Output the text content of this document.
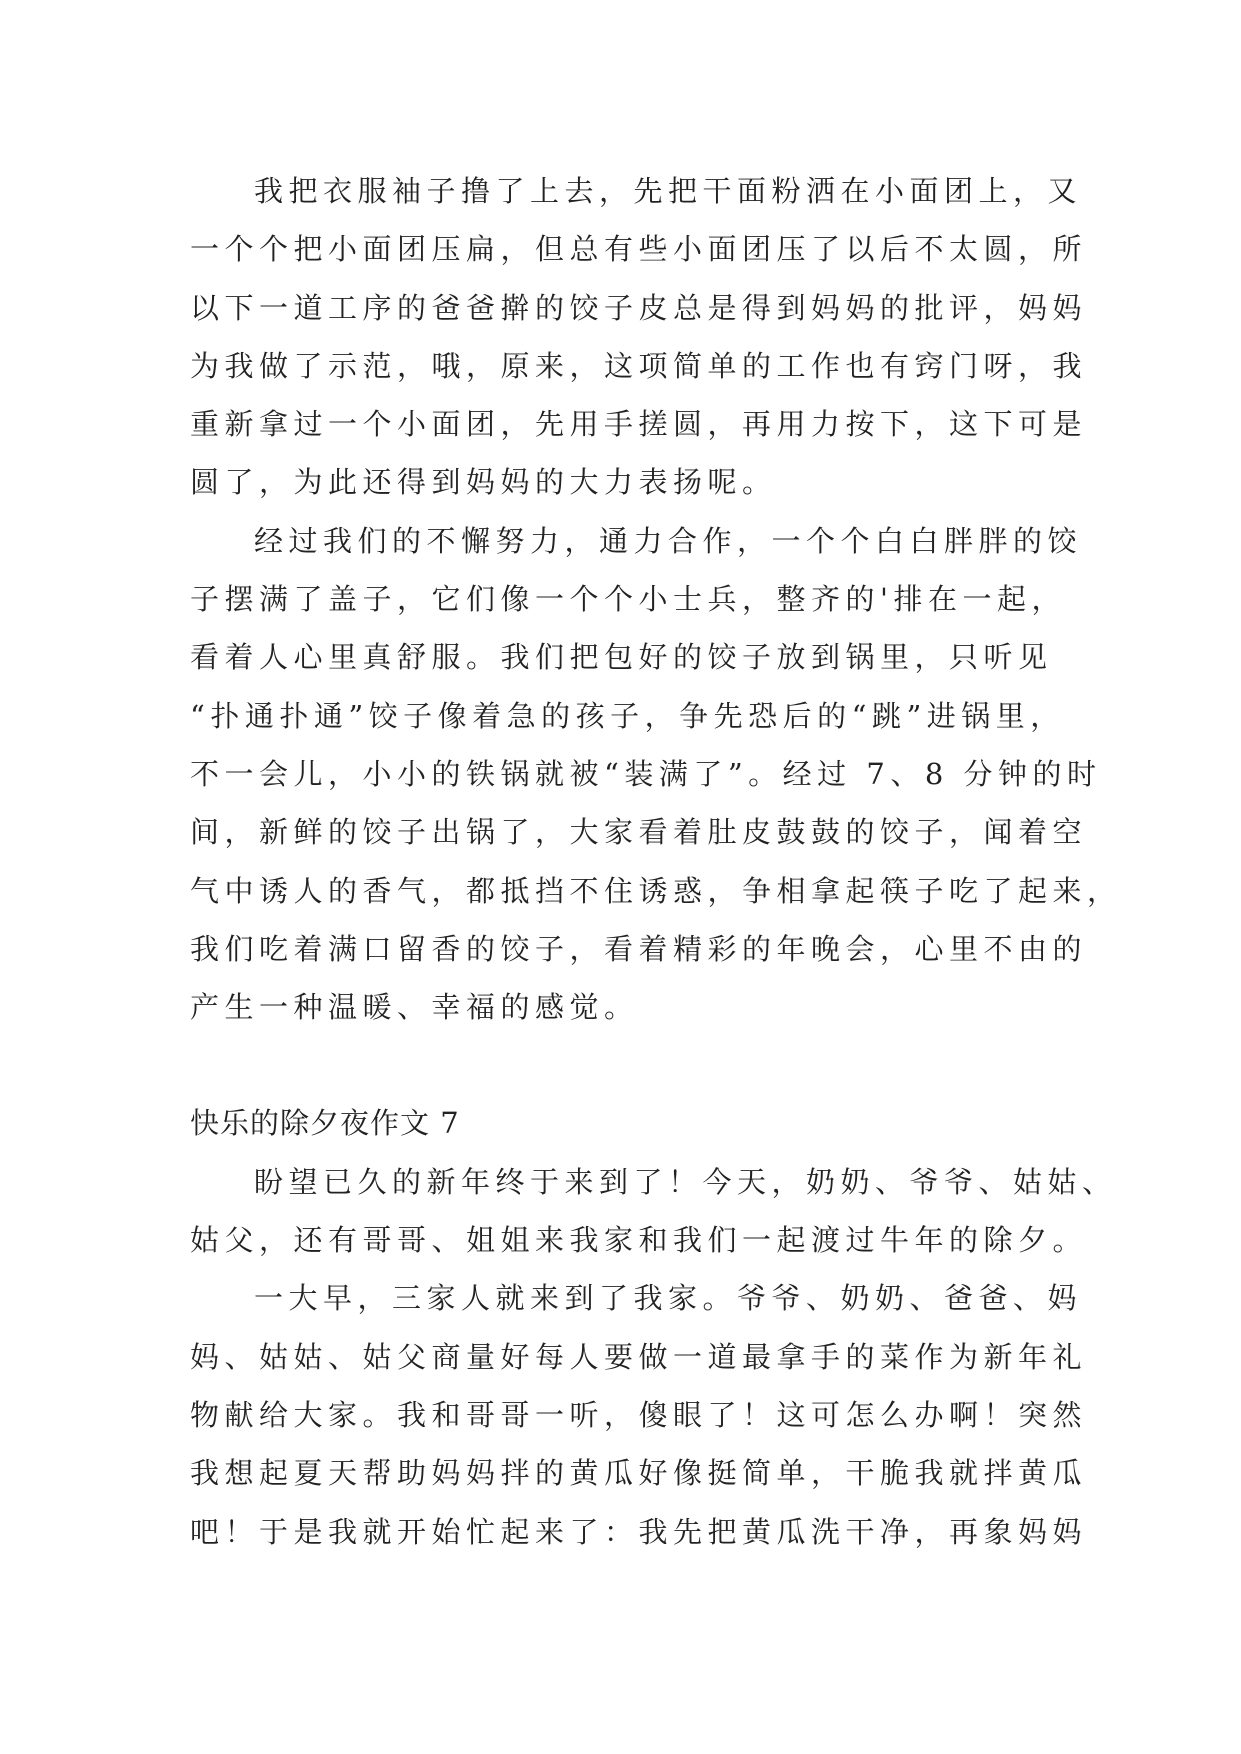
我把衣服袖子撸了上去，先把干面粉洒在小面团上，又
一个个把小面团压扁，但总有些小面团压了以后不太圆，所
以下一道工序的爸爸擀的饺子皮总是得到妈妈的批评，妈妈
为我做了示范，哦，原来，这项简单的工作也有窍门呀，我
重新拿过一个小面团，先用手搓圆，再用力按下，这下可是
圆了，为此还得到妈妈的大力表扬呢。
经过我们的不懈努力，通力合作，一个个白白胖胖的饺
子摆满了盖子，它们像一个个小士兵，整齐的'排在一起，
看着人心里真舒服。我们把包好的饺子放到锅里，只听见
“扑通扑通”饺子像着急的孩子，争先恐后的“跳”进锅里，
不一会儿，小小的铁锅就被“装满了”。经过 7、8 分钟的时
间，新鲜的饺子出锅了，大家看着肚皮鼓鼓的饺子，闻着空
气中诱人的香气，都抵挡不住诱惑，争相拿起筷子吃了起来，
我们吃着满口留香的饺子，看着精彩的年晚会，心里不由的
产生一种温暖、幸福的感觉。
快乐的除夕夜作文 7
盼望已久的新年终于来到了！今天，奶奶、爷爷、姑姑、
姑父，还有哥哥、姐姐来我家和我们一起渡过牛年的除夕。
一大早，三家人就来到了我家。爷爷、奶奶、爸爸、妈
妈、姑姑、姑父商量好每人要做一道最拿手的菜作为新年礼
物献给大家。我和哥哥一听，傻眼了！这可怎么办啊！突然
我想起夏天帮助妈妈拌的黄瓜好像挺简单，干脆我就拌黄瓜
吧！于是我就开始忙起来了：我先把黄瓜洗干净，再象妈妈
